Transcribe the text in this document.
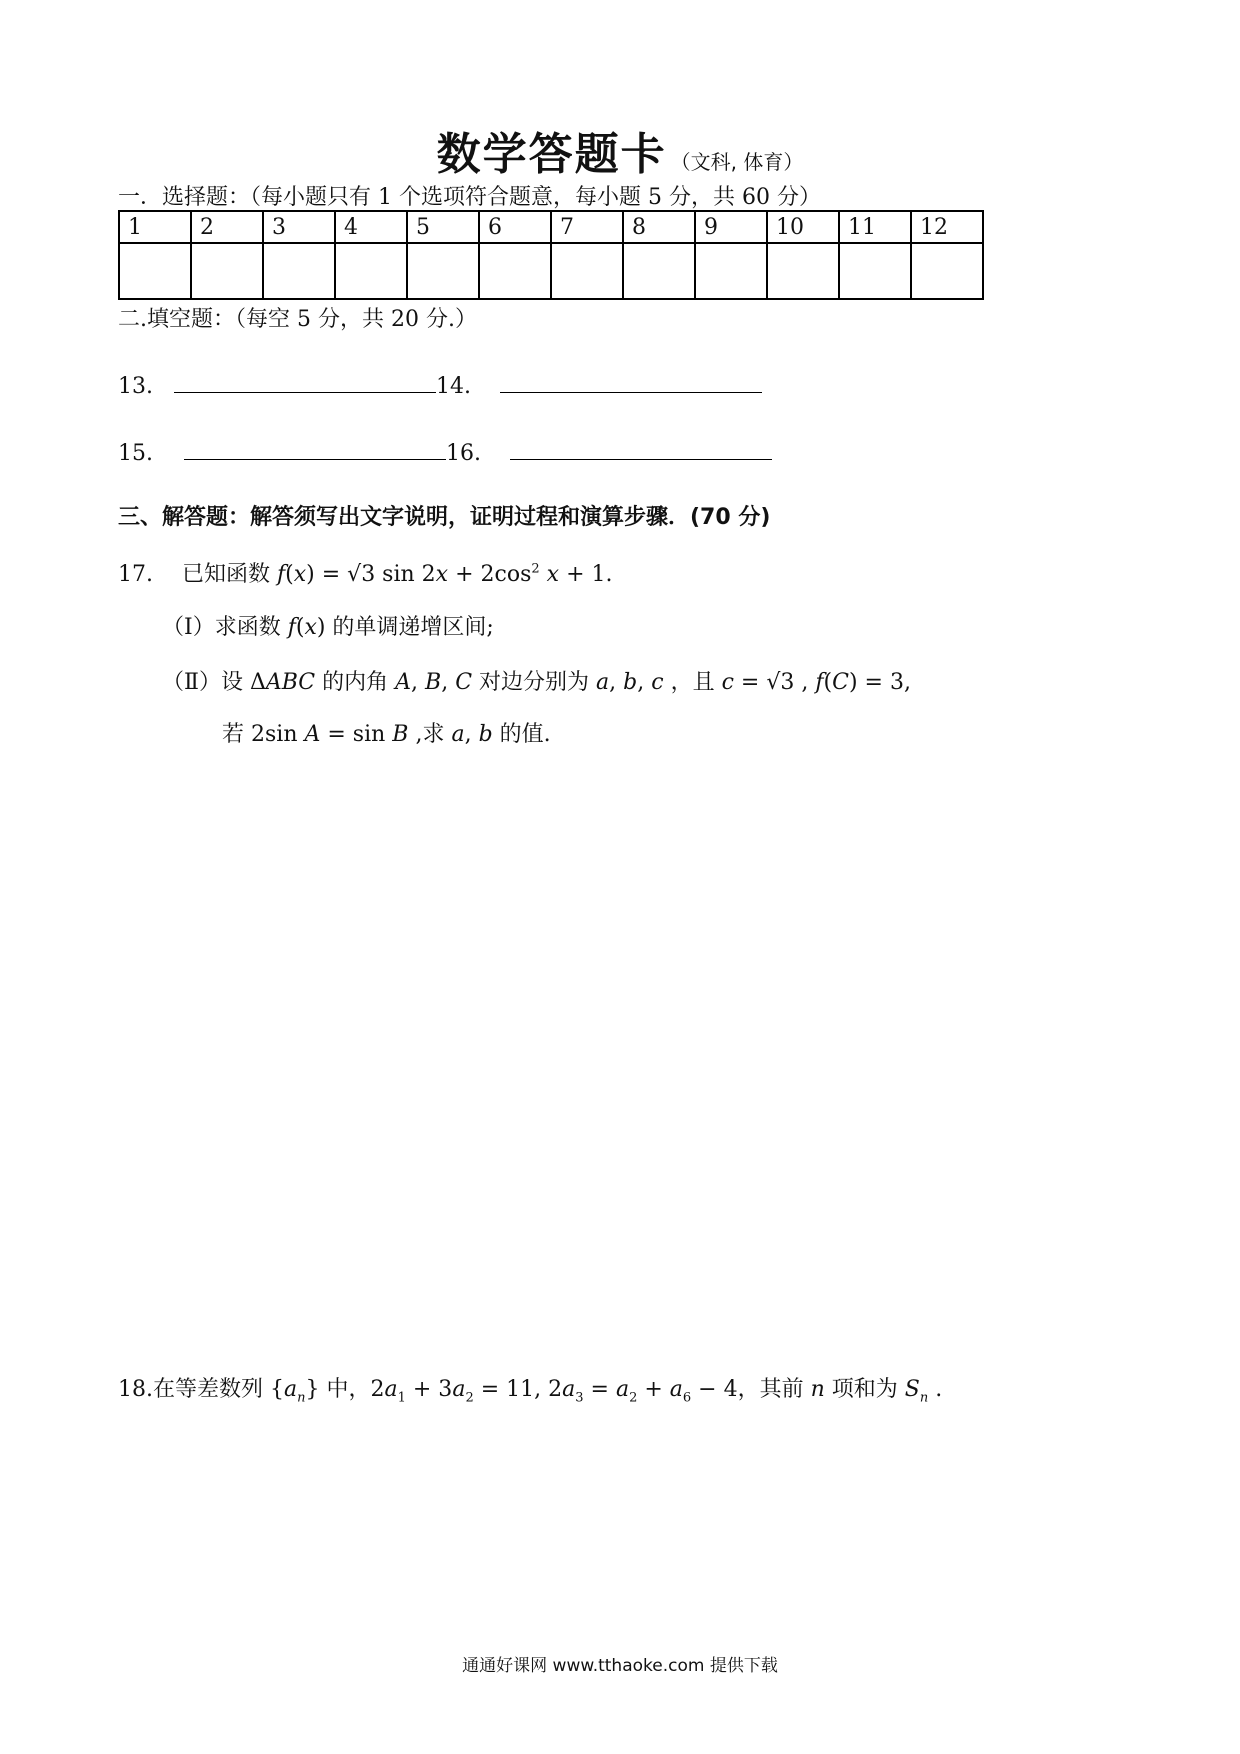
数学答题卡 （文科, 体育）
一．选择题：（每小题只有 1 个选项符合题意，每小题 5 分，共 60 分）
1	2	3	4	5	6	7	8	9	10	11	12

二.填空题：（每空 5 分，共 20 分.）
13.	14.
15.	16.
三、解答题：解答须写出文字说明，证明过程和演算步骤．(70 分)
17. 已知函数 f(x) = √3 $\sin 2x + 2\cos^2$ x + 1.
（Ⅰ）求函数 f(x) 的单调递增区间;
（Ⅱ）设 ΔABC 的内角 A, B, C 对边分别为 a, b, c ，且 c = √3 , f(C) = 3,
若 2sin A = sin B ,求 a, b 的值.
18.在等差数列 $\{a_n\}$ 中，$2a_1 + 3a_2 = 11$, $2a_3 = a_2 + a_6 - 4$，其前 n 项和为 $S_n$ .
通通好课网 www.tthaoke.com 提供下载
